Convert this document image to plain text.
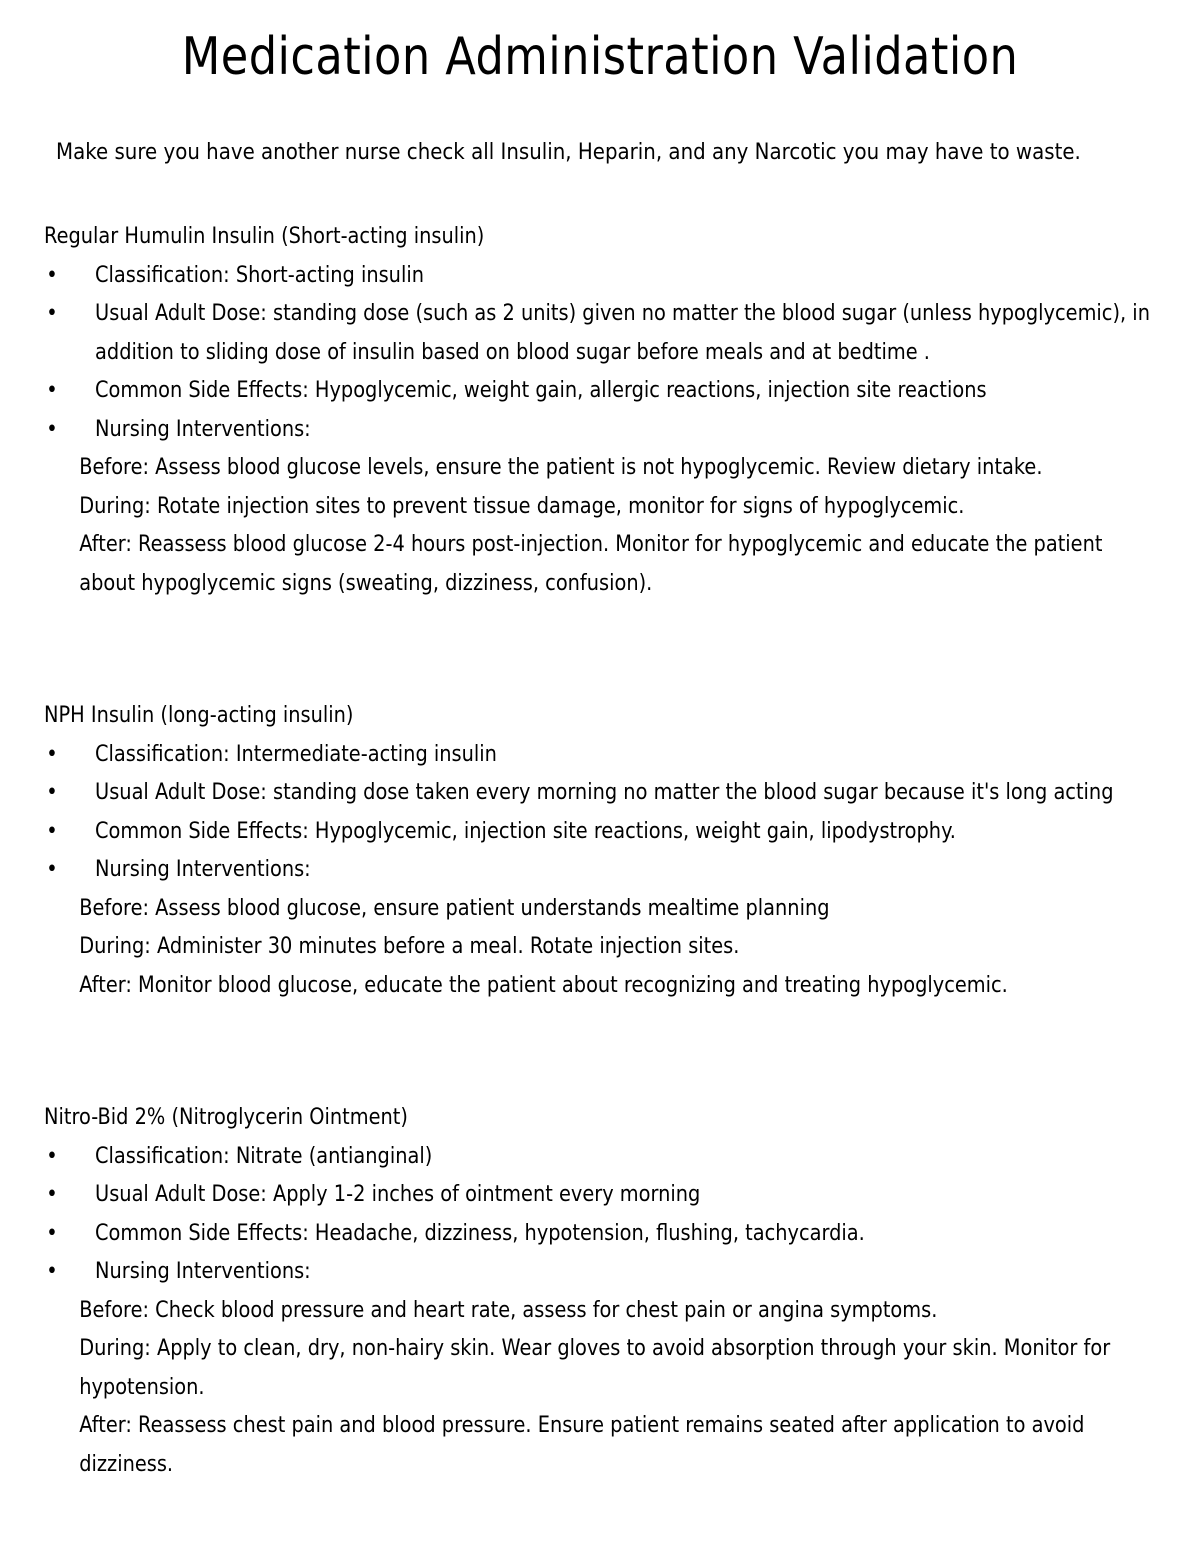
Medication Administration Validation
Make sure you have another nurse check all Insulin, Heparin, and any Narcotic you may have to waste.
Regular Humulin Insulin (Short-acting insulin)
• Classification: Short-acting insulin
• Usual Adult Dose: standing dose (such as 2 units) given no matter the blood sugar (unless hypoglycemic), in addition to sliding dose of insulin based on blood sugar before meals and at bedtime .
• Common Side Effects: Hypoglycemic, weight gain, allergic reactions, injection site reactions
• Nursing Interventions:
Before: Assess blood glucose levels, ensure the patient is not hypoglycemic. Review dietary intake.
During: Rotate injection sites to prevent tissue damage, monitor for signs of hypoglycemic.
After: Reassess blood glucose 2-4 hours post-injection. Monitor for hypoglycemic and educate the patient about hypoglycemic signs (sweating, dizziness, confusion).
NPH Insulin (long-acting insulin)
• Classification: Intermediate-acting insulin
• Usual Adult Dose: standing dose taken every morning no matter the blood sugar because it's long acting
• Common Side Effects: Hypoglycemic, injection site reactions, weight gain, lipodystrophy.
• Nursing Interventions:
Before: Assess blood glucose, ensure patient understands mealtime planning
During: Administer 30 minutes before a meal. Rotate injection sites.
After: Monitor blood glucose, educate the patient about recognizing and treating hypoglycemic.
Nitro-Bid 2% (Nitroglycerin Ointment)
• Classification: Nitrate (antianginal)
• Usual Adult Dose: Apply 1-2 inches of ointment every morning
• Common Side Effects: Headache, dizziness, hypotension, flushing, tachycardia.
• Nursing Interventions:
Before: Check blood pressure and heart rate, assess for chest pain or angina symptoms.
During: Apply to clean, dry, non-hairy skin. Wear gloves to avoid absorption through your skin. Monitor for hypotension.
After: Reassess chest pain and blood pressure. Ensure patient remains seated after application to avoid dizziness.
